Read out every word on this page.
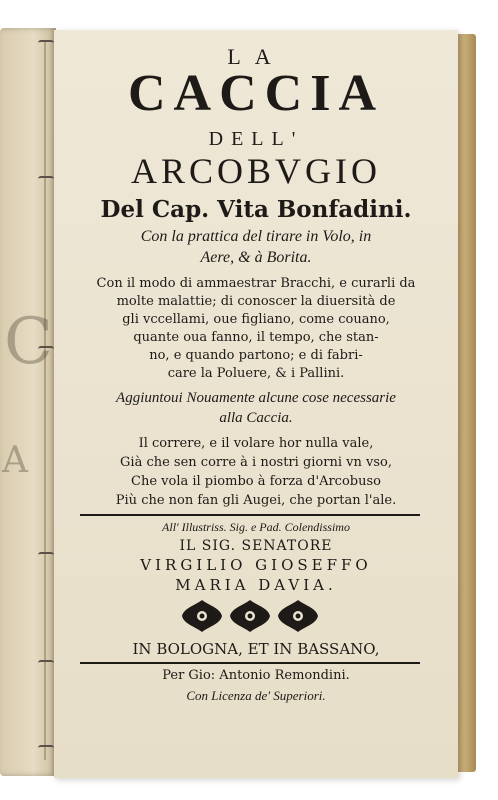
C
A
LA
CACCIA
DELL'
ARCOBVGIO
Del Cap. Vita Bonfadini.
Con la prattica del tirare in Volo, in
Aere, & à Borita.
Con il modo di ammaestrar Bracchi, e curarli da
molte malattie; di conoscer la diuersità de
gli vccellami, oue figliano, come couano,
quante oua fanno, il tempo, che stan-
no, e quando partono; e di fabri-
care la Poluere, & i Pallini.
Aggiuntoui Nouamente alcune cose necessarie
alla Caccia.
Il correre, e il volare hor nulla vale,
Già che sen corre à i nostri giorni vn vso,
Che vola il piombo à forza d'Arcobuso
Più che non fan gli Augei, che portan l'ale.
All' Illustriss. Sig. e Pad. Colendissimo
IL SIG. SENATORE
VIRGILIO GIOSEFFO
MARIA DAVIA.
IN BOLOGNA, ET IN BASSANO,
Per Gio: Antonio Remondini.
Con Licenza de' Superiori.
